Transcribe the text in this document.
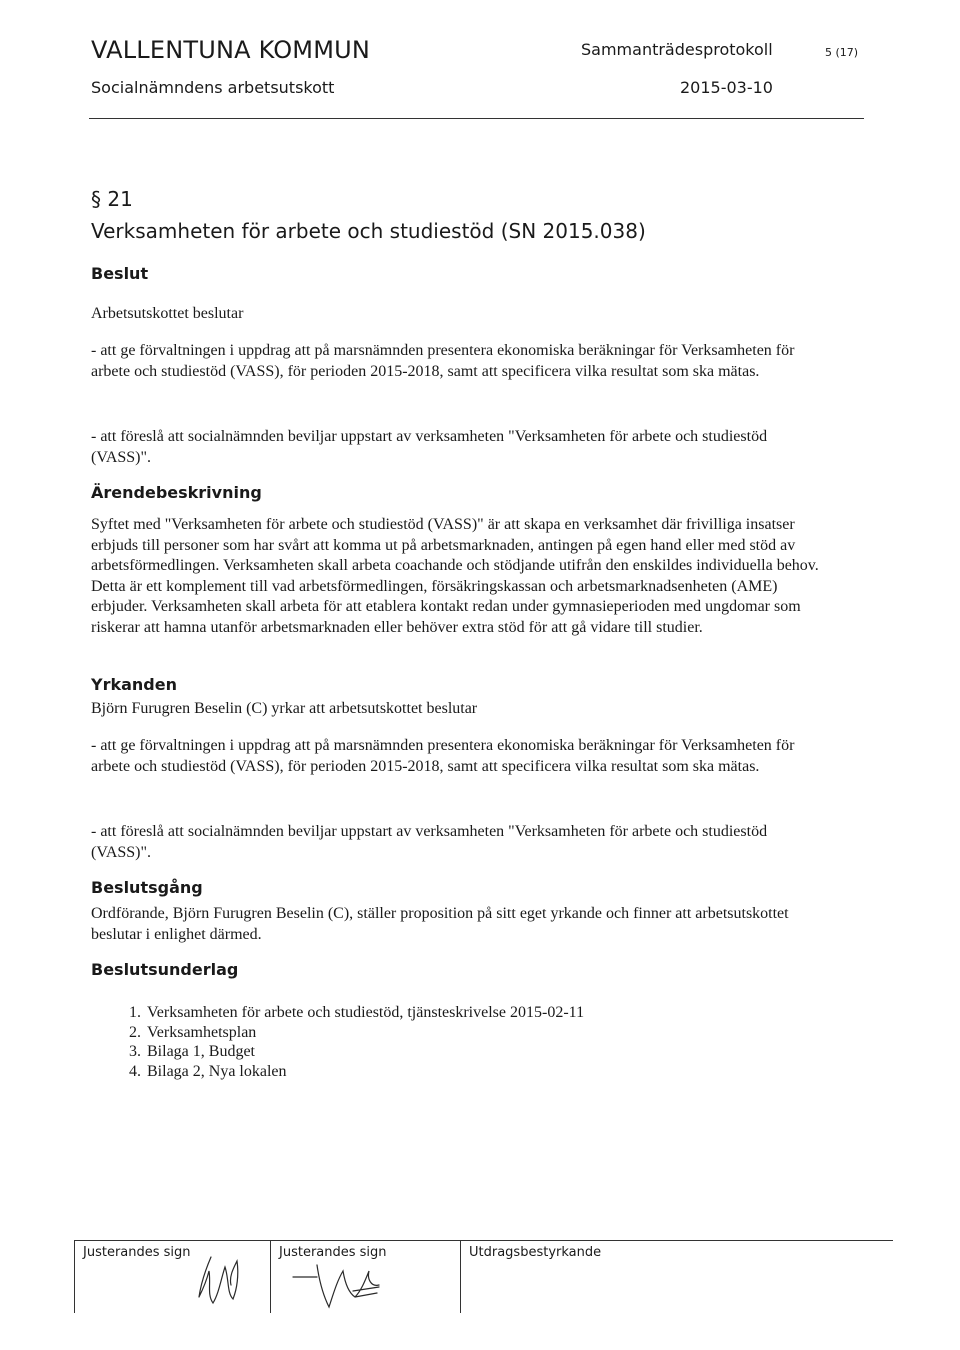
VALLENTUNA KOMMUN	Sammanträdesprotokoll	5 (17)
Socialnämndens arbetsutskott	2015-03-10
§ 21
Verksamheten för arbete och studiestöd (SN 2015.038)
Beslut
Arbetsutskottet beslutar
- att ge förvaltningen i uppdrag att på marsnämnden presentera ekonomiska beräkningar för Verksamheten för arbete och studiestöd (VASS), för perioden 2015-2018, samt att specificera vilka resultat som ska mätas.
- att föreslå att socialnämnden beviljar uppstart av verksamheten "Verksamheten för arbete och studiestöd (VASS)".
Ärendebeskrivning
Syftet med "Verksamheten för arbete och studiestöd (VASS)" är att skapa en verksamhet där frivilliga insatser erbjuds till personer som har svårt att komma ut på arbetsmarknaden, antingen på egen hand eller med stöd av arbetsförmedlingen. Verksamheten skall arbeta coachande och stödjande utifrån den enskildes individuella behov. Detta är ett komplement till vad arbetsförmedlingen, försäkringskassan och arbetsmarknadsenheten (AME) erbjuder. Verksamheten skall arbeta för att etablera kontakt redan under gymnasieperioden med ungdomar som riskerar att hamna utanför arbetsmarknaden eller behöver extra stöd för att gå vidare till studier.
Yrkanden
Björn Furugren Beselin (C) yrkar att arbetsutskottet beslutar
- att ge förvaltningen i uppdrag att på marsnämnden presentera ekonomiska beräkningar för Verksamheten för arbete och studiestöd (VASS), för perioden 2015-2018, samt att specificera vilka resultat som ska mätas.
- att föreslå att socialnämnden beviljar uppstart av verksamheten "Verksamheten för arbete och studiestöd (VASS)".
Beslutsgång
Ordförande, Björn Furugren Beselin (C), ställer proposition på sitt eget yrkande och finner att arbetsutskottet beslutar i enlighet därmed.
Beslutsunderlag
1. Verksamheten för arbete och studiestöd, tjänsteskrivelse 2015-02-11
2. Verksamhetsplan
3. Bilaga 1, Budget
4. Bilaga 2, Nya lokalen
Justerandes sign	Justerandes sign	Utdragsbestyrkande
